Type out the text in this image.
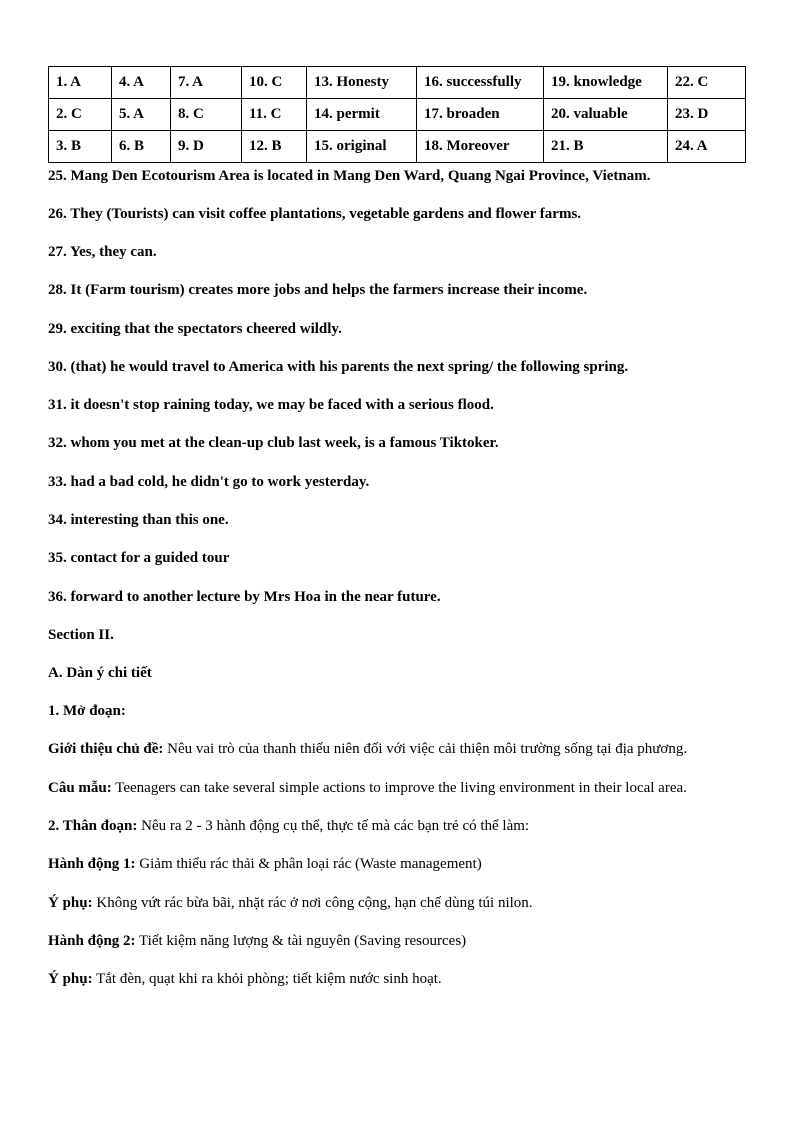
1. A	4. A	7. A	10. C	13. Honesty	16. successfully	19. knowledge	22. C
2. C	5. A	8. C	11. C	14. permit	17. broaden	20. valuable	23. D
3. B	6. B	9. D	12. B	15. original	18. Moreover	21. B	24. A
25. Mang Den Ecotourism Area is located in Mang Den Ward, Quang Ngai Province, Vietnam.
26. They (Tourists) can visit coffee plantations, vegetable gardens and flower farms.
27. Yes, they can.
28. It (Farm tourism) creates more jobs and helps the farmers increase their income.
29. exciting that the spectators cheered wildly.
30. (that) he would travel to America with his parents the next spring/ the following spring.
31. it doesn't stop raining today, we may be faced with a serious flood.
32. whom you met at the clean-up club last week, is a famous Tiktoker.
33. had a bad cold, he didn't go to work yesterday.
34. interesting than this one.
35. contact for a guided tour
36. forward to another lecture by Mrs Hoa in the near future.
Section II.
A. Dàn ý chi tiết
1. Mở đoạn:
Giới thiệu chủ đề: Nêu vai trò của thanh thiếu niên đối với việc cải thiện môi trường sống tại địa phương.
Câu mẫu: Teenagers can take several simple actions to improve the living environment in their local area.
2. Thân đoạn: Nêu ra 2 - 3 hành động cụ thể, thực tế mà các bạn trẻ có thể làm:
Hành động 1: Giảm thiểu rác thải & phân loại rác (Waste management)
Ý phụ: Không vứt rác bừa bãi, nhặt rác ở nơi công cộng, hạn chế dùng túi nilon.
Hành động 2: Tiết kiệm năng lượng & tài nguyên (Saving resources)
Ý phụ: Tắt đèn, quạt khi ra khỏi phòng; tiết kiệm nước sinh hoạt.
